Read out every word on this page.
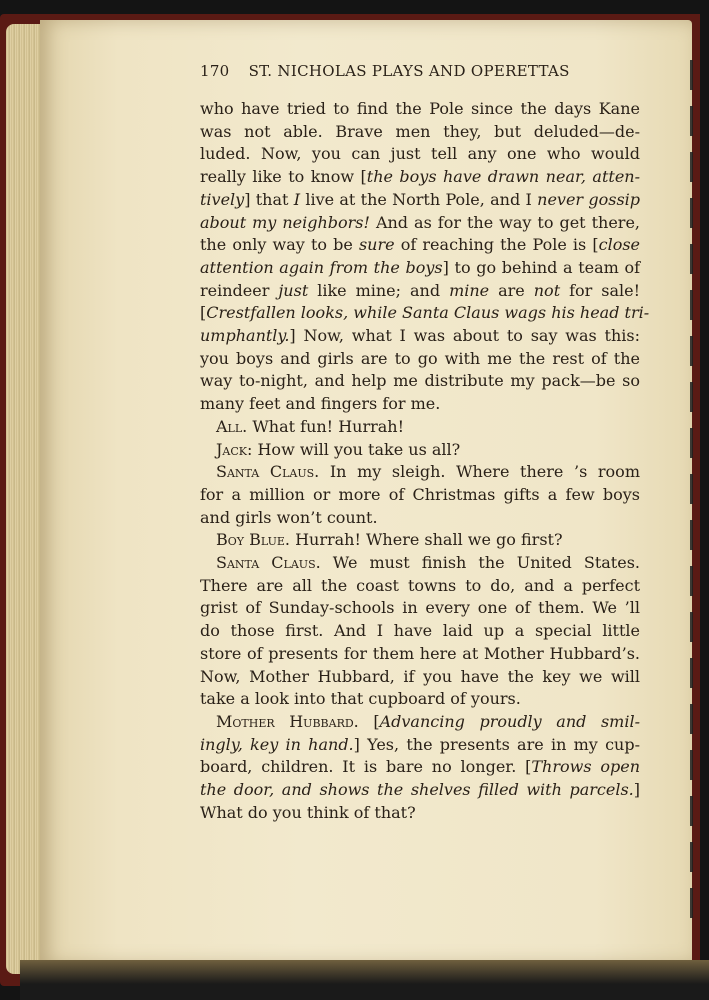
170 ST. NICHOLAS PLAYS AND OPERETTAS
who have tried to find the Pole since the days Kane
was not able. Brave men they, but deluded—de-
luded. Now, you can just tell any one who would
really like to know [the boys have drawn near, atten-
tively] that I live at the North Pole, and I never gossip
about my neighbors! And as for the way to get there,
the only way to be sure of reaching the Pole is [close
attention again from the boys] to go behind a team of
reindeer just like mine; and mine are not for sale!
[Crestfallen looks, while Santa Claus wags his head tri-
umphantly.] Now, what I was about to say was this:
you boys and girls are to go with me the rest of the
way to-night, and help me distribute my pack—be so
many feet and fingers for me.
All. What fun! Hurrah!
Jack: How will you take us all?
Santa Claus. In my sleigh. Where there ’s room
for a million or more of Christmas gifts a few boys
and girls won’t count.
Boy Blue. Hurrah! Where shall we go first?
Santa Claus. We must finish the United States.
There are all the coast towns to do, and a perfect
grist of Sunday-schools in every one of them. We ’ll
do those first. And I have laid up a special little
store of presents for them here at Mother Hubbard’s.
Now, Mother Hubbard, if you have the key we will
take a look into that cupboard of yours.
Mother Hubbard. [Advancing proudly and smil-
ingly, key in hand.] Yes, the presents are in my cup-
board, children. It is bare no longer. [Throws open
the door, and shows the shelves filled with parcels.]
What do you think of that?
